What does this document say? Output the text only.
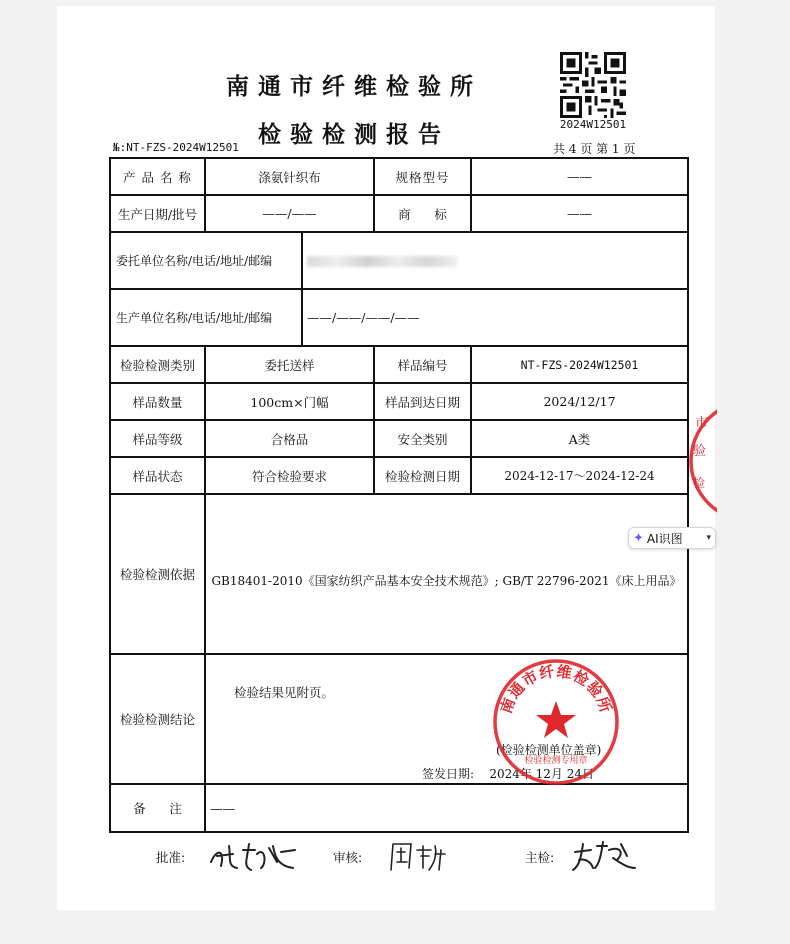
南通市纤维检验所
检验检测报告	2024W12501
№:NT-FZS-2024W12501	共 4 页 第 1 页
产 品 名 称	涤氨针织布		规格型号	——
生产日期/批号	——/——		商      标	——
委托单位名称/电话/地址/邮编				
生产单位名称/电话/地址/邮编		——/——/——/——		
检验检测类别	委托送样		样品编号	NT-FZS-2024W12501
样品数量	100cm×门幅		样品到达日期	2024/12/17
样品等级	合格品		安全类别	A类
样品状态	符合检验要求		检验检测日期	2024-12-17～2024-12-24
检验检测依据	GB18401-2010《国家纺织产品基本安全技术规范》; GB/T 22796-2021《床上用品》			
检验检测结论	检验结果见附页。
(检验检测单位盖章)
签发日期: 2024年 12月 24日			

备      注	——			
批准:	审核:	主检:
南通市纤维检验所
检验检测专用章
市
验
检
✦ AI识图	▾
